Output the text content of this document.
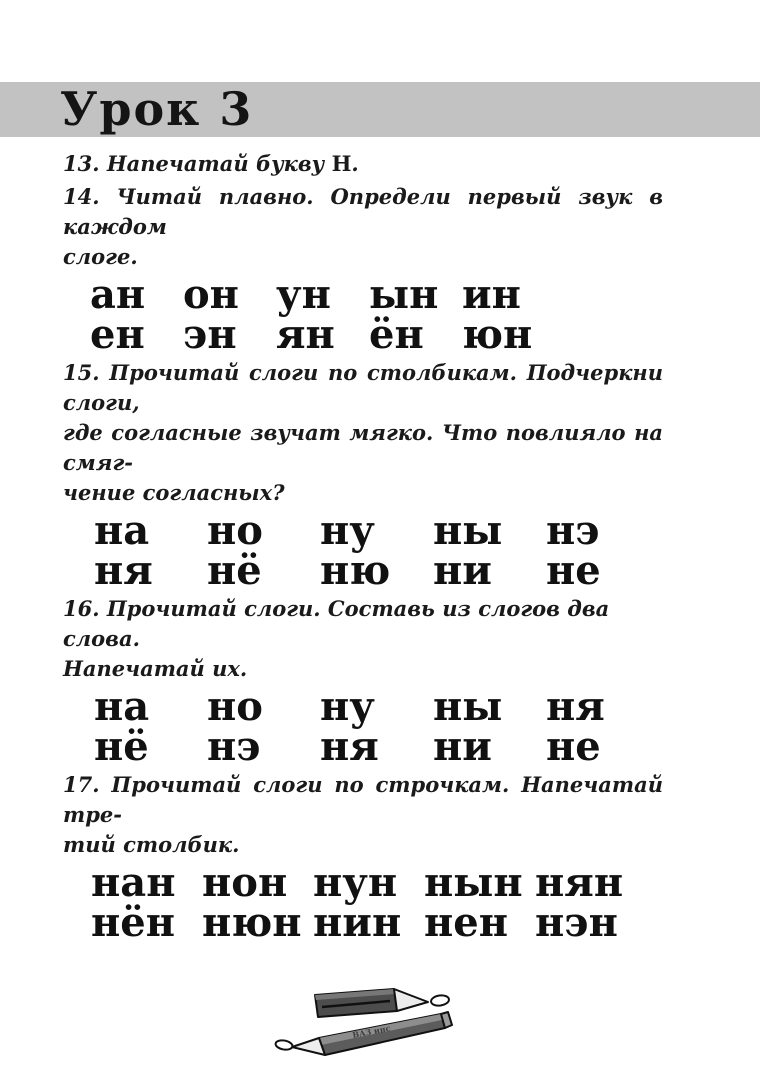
Урок 3

13. Напечатай букву Н.

14. Читай плавно. Определи первый звук в каждом
слоге.

ан он ун ын ин
ен эн ян ён юн

15. Прочитай слоги по столбикам. Подчеркни слоги,
где согласные звучат мягко. Что повлияло на смяг-
чение согласных?

на	но	ну	ны	нэ
ня	нё	ню	ни	не

16. Прочитай слоги. Составь из слогов два слова.
Напечатай их.

на	но	ну	ны	ня
нё	нэ	ня	ни	не

17. Прочитай слоги по строчкам. Напечатай тре-
тий столбик.

нан нон нун нын нян
нён нюн нин нен нэн
ВАЗ инс
